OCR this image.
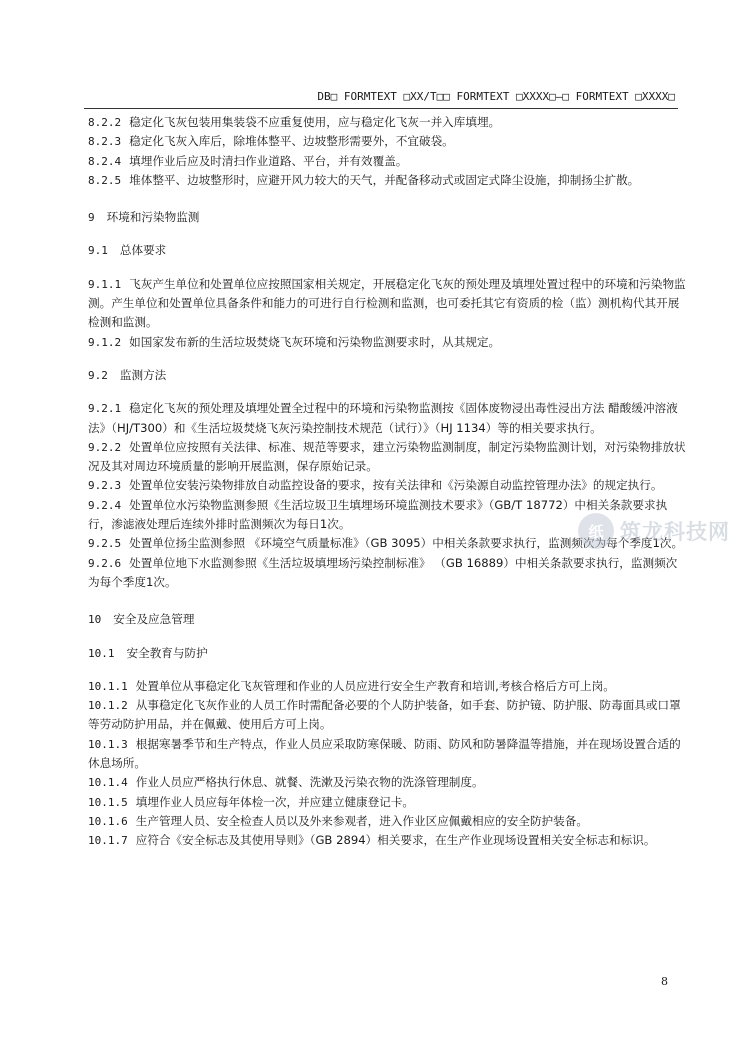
DB□ FORMTEXT □XX/T□□ FORMTEXT □XXXX□—□ FORMTEXT □XXXX□

8.2.2 稳定化飞灰包装用集装袋不应重复使用，应与稳定化飞灰一并入库填埋。

8.2.3 稳定化飞灰入库后，除堆体整平、边坡整形需要外，不宜破袋。

8.2.4 填埋作业后应及时清扫作业道路、平台，并有效覆盖。

8.2.5 堆体整平、边坡整形时，应避开风力较大的天气，并配备移动式或固定式降尘设施，抑制扬尘扩散。

9 环境和污染物监测

9.1 总体要求

9.1.1 飞灰产生单位和处置单位应按照国家相关规定，开展稳定化飞灰的预处理及填埋处置过程中的环境和污染物监测。产生单位和处置单位具备条件和能力的可进行自行检测和监测，也可委托其它有资质的检（监）测机构代其开展检测和监测。

9.1.2 如国家发布新的生活垃圾焚烧飞灰环境和污染物监测要求时，从其规定。

9.2 监测方法

9.2.1 稳定化飞灰的预处理及填埋处置全过程中的环境和污染物监测按《固体废物浸出毒性浸出方法 醋酸缓冲溶液法》（HJ/T300）和《生活垃圾焚烧飞灰污染控制技术规范（试行）》（HJ 1134）等的相关要求执行。

9.2.2 处置单位应按照有关法律、标准、规范等要求，建立污染物监测制度，制定污染物监测计划，对污染物排放状况及其对周边环境质量的影响开展监测，保存原始记录。

9.2.3 处置单位安装污染物排放自动监控设备的要求，按有关法律和《污染源自动监控管理办法》的规定执行。

9.2.4 处置单位水污染物监测参照《生活垃圾卫生填埋场环境监测技术要求》（GB/T 18772）中相关条款要求执行，渗滤液处理后连续外排时监测频次为每日1次。

9.2.5 处置单位扬尘监测参照 《环境空气质量标准》（GB 3095）中相关条款要求执行，监测频次为每个季度1次。

9.2.6 处置单位地下水监测参照《生活垃圾填埋场污染控制标准》 （GB 16889）中相关条款要求执行，监测频次为每个季度1次。

10 安全及应急管理

10.1 安全教育与防护

10.1.1 处置单位从事稳定化飞灰管理和作业的人员应进行安全生产教育和培训,考核合格后方可上岗。

10.1.2 从事稳定化飞灰作业的人员工作时需配备必要的个人防护装备，如手套、防护镜、防护服、防毒面具或口罩等劳动防护用品，并在佩戴、使用后方可上岗。

10.1.3 根据寒暑季节和生产特点，作业人员应采取防寒保暖、防雨、防风和防暑降温等措施，并在现场设置合适的休息场所。

10.1.4 作业人员应严格执行休息、就餐、洗漱及污染衣物的洗涤管理制度。

10.1.5 填埋作业人员应每年体检一次，并应建立健康登记卡。

10.1.6 生产管理人员、安全检查人员以及外来参观者，进入作业区应佩戴相应的安全防护装备。

10.1.7 应符合《安全标志及其使用导则》（GB 2894）相关要求，在生产作业现场设置相关安全标志和标识。

纸 筑龙科技网
8
